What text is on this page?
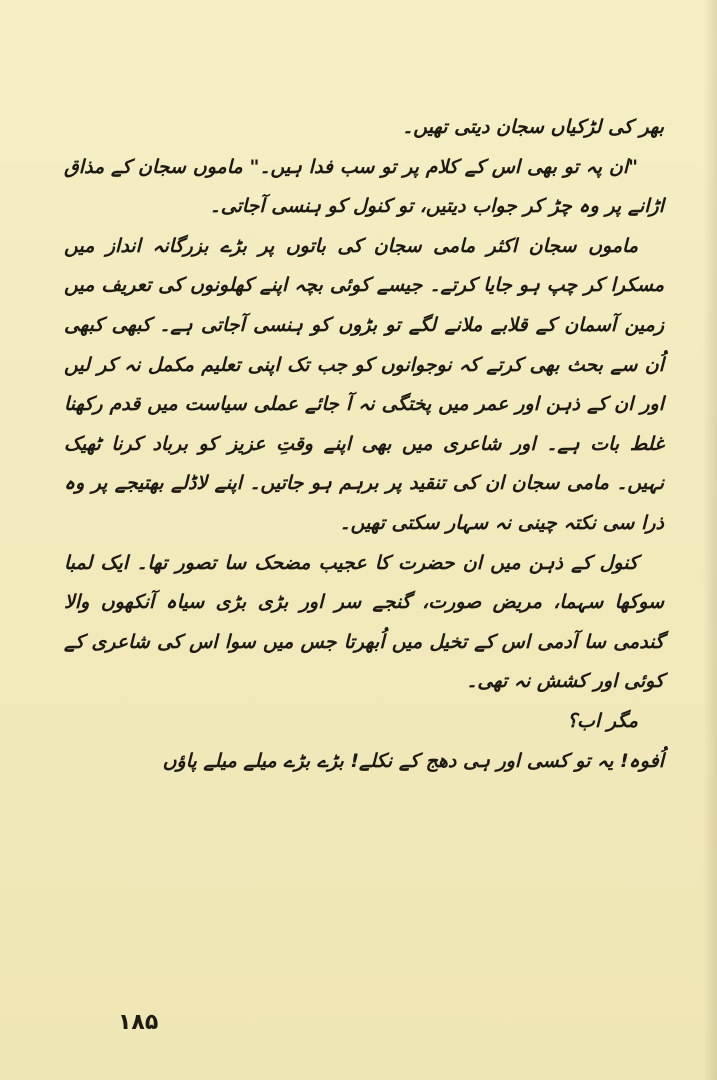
بھر کی لڑکیاں سجان دیتی تھیں۔

"ان پہ تو بھی اس کے کلام پر تو سب فدا ہیں۔" ماموں سجان کے مذاق اڑانے پر وہ چڑ کر جواب دیتیں، تو کنول کو ہنسی آجاتی۔

ماموں سجان اکثر مامی سجان کی باتوں پر بڑے بزرگانہ انداز میں مسکرا کر چپ ہو جایا کرتے۔ جیسے کوئی بچہ اپنے کھلونوں کی تعریف میں زمین آسمان کے قلابے ملانے لگے تو بڑوں کو ہنسی آجاتی ہے۔ کبھی کبھی اُن سے بحث بھی کرتے کہ نوجوانوں کو جب تک اپنی تعلیم مکمل نہ کر لیں اور ان کے ذہن اور عمر میں پختگی نہ آ جائے عملی سیاست میں قدم رکھنا غلط بات ہے۔ اور شاعری میں بھی اپنے وقتِ عزیز کو برباد کرنا ٹھیک نہیں۔ مامی سجان ان کی تنقید پر برہم ہو جاتیں۔ اپنے لاڈلے بھتیجے پر وہ ذرا سی نکتہ چینی نہ سہار سکتی تھیں۔

کنول کے ذہن میں ان حضرت کا عجیب مضحک سا تصور تھا۔ ایک لمبا سوکھا سہما، مریض صورت، گنجے سر اور بڑی بڑی سیاہ آنکھوں والا گندمی سا آدمی اس کے تخیل میں اُبھرتا جس میں سوا اس کی شاعری کے کوئی اور کشش نہ تھی۔

مگر اب؟

اُفوہ! یہ تو کسی اور ہی دھج کے نکلے! بڑے بڑے میلے میلے پاؤں

۱۸۵
